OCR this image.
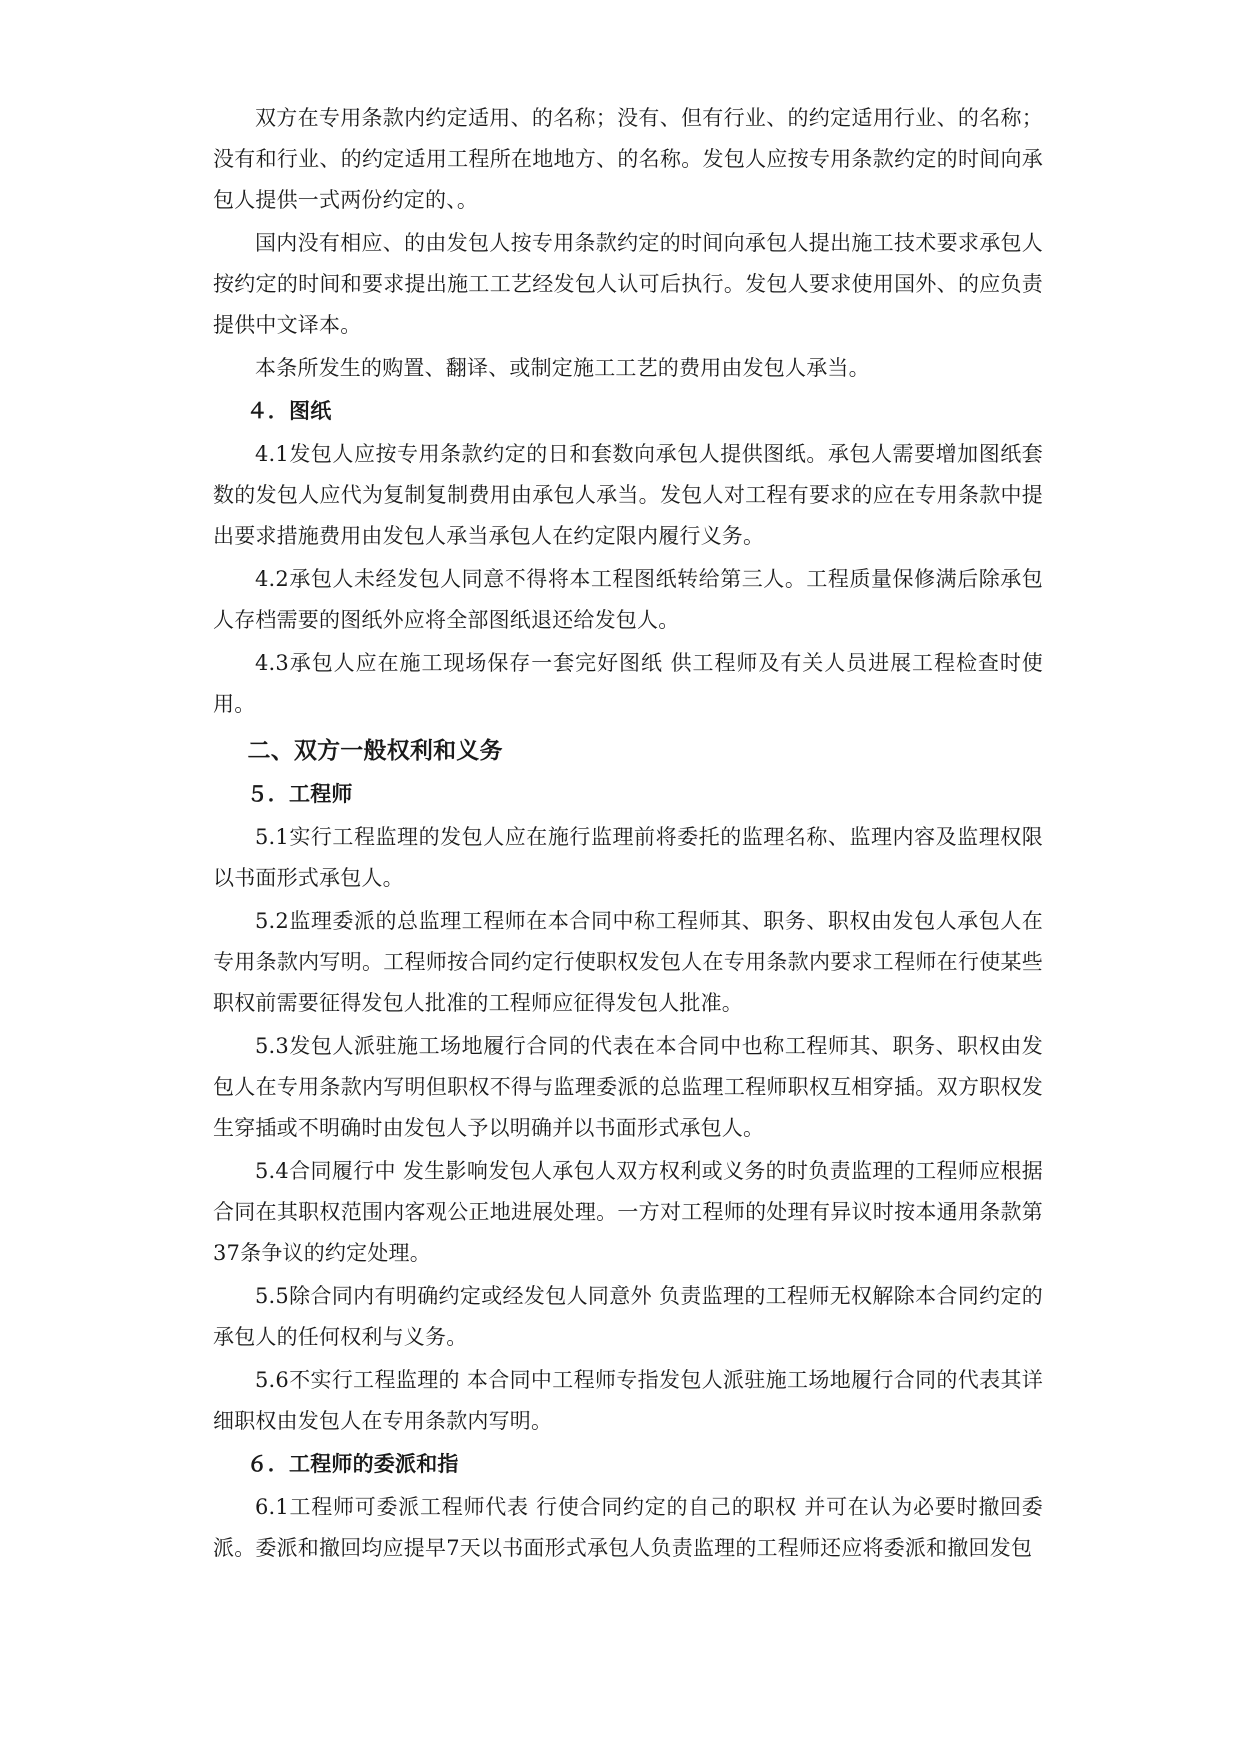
双方在专用条款内约定适用、的名称；没有、但有行业、的约定适用行业、的名称；没有和行业、的约定适用工程所在地地方、的名称。发包人应按专用条款约定的时间向承包人提供一式两份约定的、。

国内没有相应、的由发包人按专用条款约定的时间向承包人提出施工技术要求承包人按约定的时间和要求提出施工工艺经发包人认可后执行。发包人要求使用国外、的应负责提供中文译本。

本条所发生的购置、翻译、或制定施工工艺的费用由发包人承当。

４．图纸

4.1发包人应按专用条款约定的日和套数向承包人提供图纸。承包人需要增加图纸套数的发包人应代为复制复制费用由承包人承当。发包人对工程有要求的应在专用条款中提出要求措施费用由发包人承当承包人在约定限内履行义务。

4.2承包人未经发包人同意不得将本工程图纸转给第三人。工程质量保修满后除承包人存档需要的图纸外应将全部图纸退还给发包人。

4.3承包人应在施工现场保存一套完好图纸 供工程师及有关人员进展工程检查时使用。

二、双方一般权利和义务

５．工程师

5.1实行工程监理的发包人应在施行监理前将委托的监理名称、监理内容及监理权限以书面形式承包人。

5.2监理委派的总监理工程师在本合同中称工程师其、职务、职权由发包人承包人在专用条款内写明。工程师按合同约定行使职权发包人在专用条款内要求工程师在行使某些职权前需要征得发包人批准的工程师应征得发包人批准。

5.3发包人派驻施工场地履行合同的代表在本合同中也称工程师其、职务、职权由发包人在专用条款内写明但职权不得与监理委派的总监理工程师职权互相穿插。双方职权发生穿插或不明确时由发包人予以明确并以书面形式承包人。

5.4合同履行中 发生影响发包人承包人双方权利或义务的时负责监理的工程师应根据合同在其职权范围内客观公正地进展处理。一方对工程师的处理有异议时按本通用条款第37条争议的约定处理。

5.5除合同内有明确约定或经发包人同意外 负责监理的工程师无权解除本合同约定的承包人的任何权利与义务。

5.6不实行工程监理的 本合同中工程师专指发包人派驻施工场地履行合同的代表其详细职权由发包人在专用条款内写明。

６．工程师的委派和指

6.1工程师可委派工程师代表 行使合同约定的自己的职权 并可在认为必要时撤回委派。委派和撤回均应提早7天以书面形式承包人负责监理的工程师还应将委派和撤回发包
